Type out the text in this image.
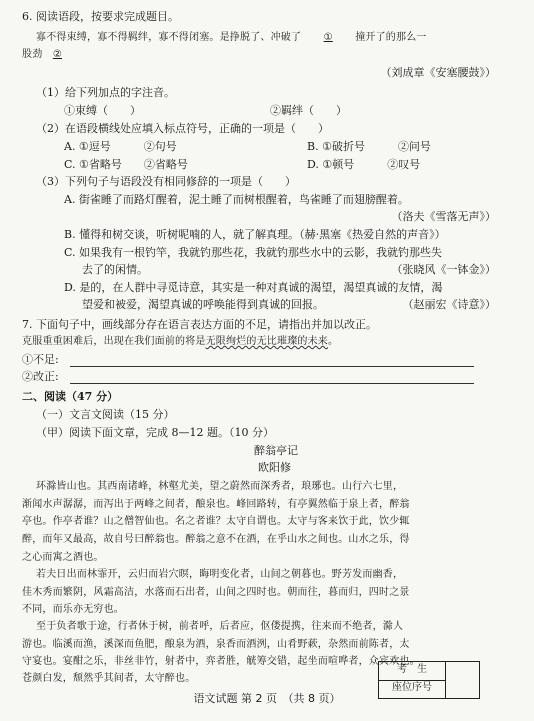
6. 阅读语段，按要求完成题目。
寡不得束缚，寡不得羁绊，寡不得闭塞。是挣脱了、冲破了 ① 撞开了的那么一
股劲 ②
（刘成章《安塞腰鼓》）
（1）给下列加点的字注音。
①束缚（　　）	②羁绊（　　）
（2）在语段横线处应填入标点符号，正确的一项是（　　）
A. ①逗号　　　②句号	B. ①破折号　　　②问号
C. ①省略号　　②省略号	D. ①顿号　　　②叹号
（3）下列句子与语段没有相同修辞的一项是（　　）
A. 街雀睡了而路灯醒着，泥土睡了而树根醒着，鸟雀睡了而翅膀醒着。
（洛夫《雪落无声》）
B. 懂得和树交谈，听树呢喃的人，就了解真理。（赫·黑塞《热爱自然的声音》）
C. 如果我有一根钓竿，我就钓那些花，我就钓那些水中的云影，我就钓那些失
去了的闲情。	（张晓风《一钵金》）
D. 是的，在人群中寻觅诗意，其实是一种对真诚的渴望，渴望真诚的友情，渴
望爱和被爱，渴望真诚的呼唤能得到真诚的回报。	（赵丽宏《诗意》）
7. 下面句子中，画线部分存在语言表达方面的不足，请指出并加以改正。
克服重重困难后，出现在我们面前的将是无限绚烂的无比璀璨的未来。
①不足:
②改正:
二、阅读（47 分）
（一）文言文阅读（15 分）
（甲）阅读下面文章，完成 8—12 题。（10 分）
醉翁亭记
欧阳修
环滁皆山也。其西南诸峰，林壑尤美，望之蔚然而深秀者，琅琊也。山行六七里，
渐闻水声潺潺，而泻出于两峰之间者，酿泉也。峰回路转，有亭翼然临于泉上者，醉翁
亭也。作亭者谁？山之僧智仙也。名之者谁？太守自谓也。太守与客来饮于此，饮少辄
醉，而年又最高，故自号曰醉翁也。醉翁之意不在酒，在乎山水之间也。山水之乐，得
之心而寓之酒也。
若夫日出而林霏开，云归而岩穴暝，晦明变化者，山间之朝暮也。野芳发而幽香，
佳木秀而繁阴，风霜高洁，水落而石出者，山间之四时也。朝而往，暮而归，四时之景
不同，而乐亦无穷也。
至于负者歌于途，行者休于树，前者呼，后者应，伛偻提携，往来而不绝者，滁人
游也。临溪而渔，溪深而鱼肥，酿泉为酒，泉香而酒洌，山肴野蔌，杂然而前陈者，太
守宴也。宴酣之乐，非丝非竹，射者中，弈者胜，觥筹交错，起坐而喧哗者，众宾欢也。
苍颜白发，颓然乎其间者，太守醉也。
考　生
座位序号
语文试题 第 2 页　（共 8 页）
